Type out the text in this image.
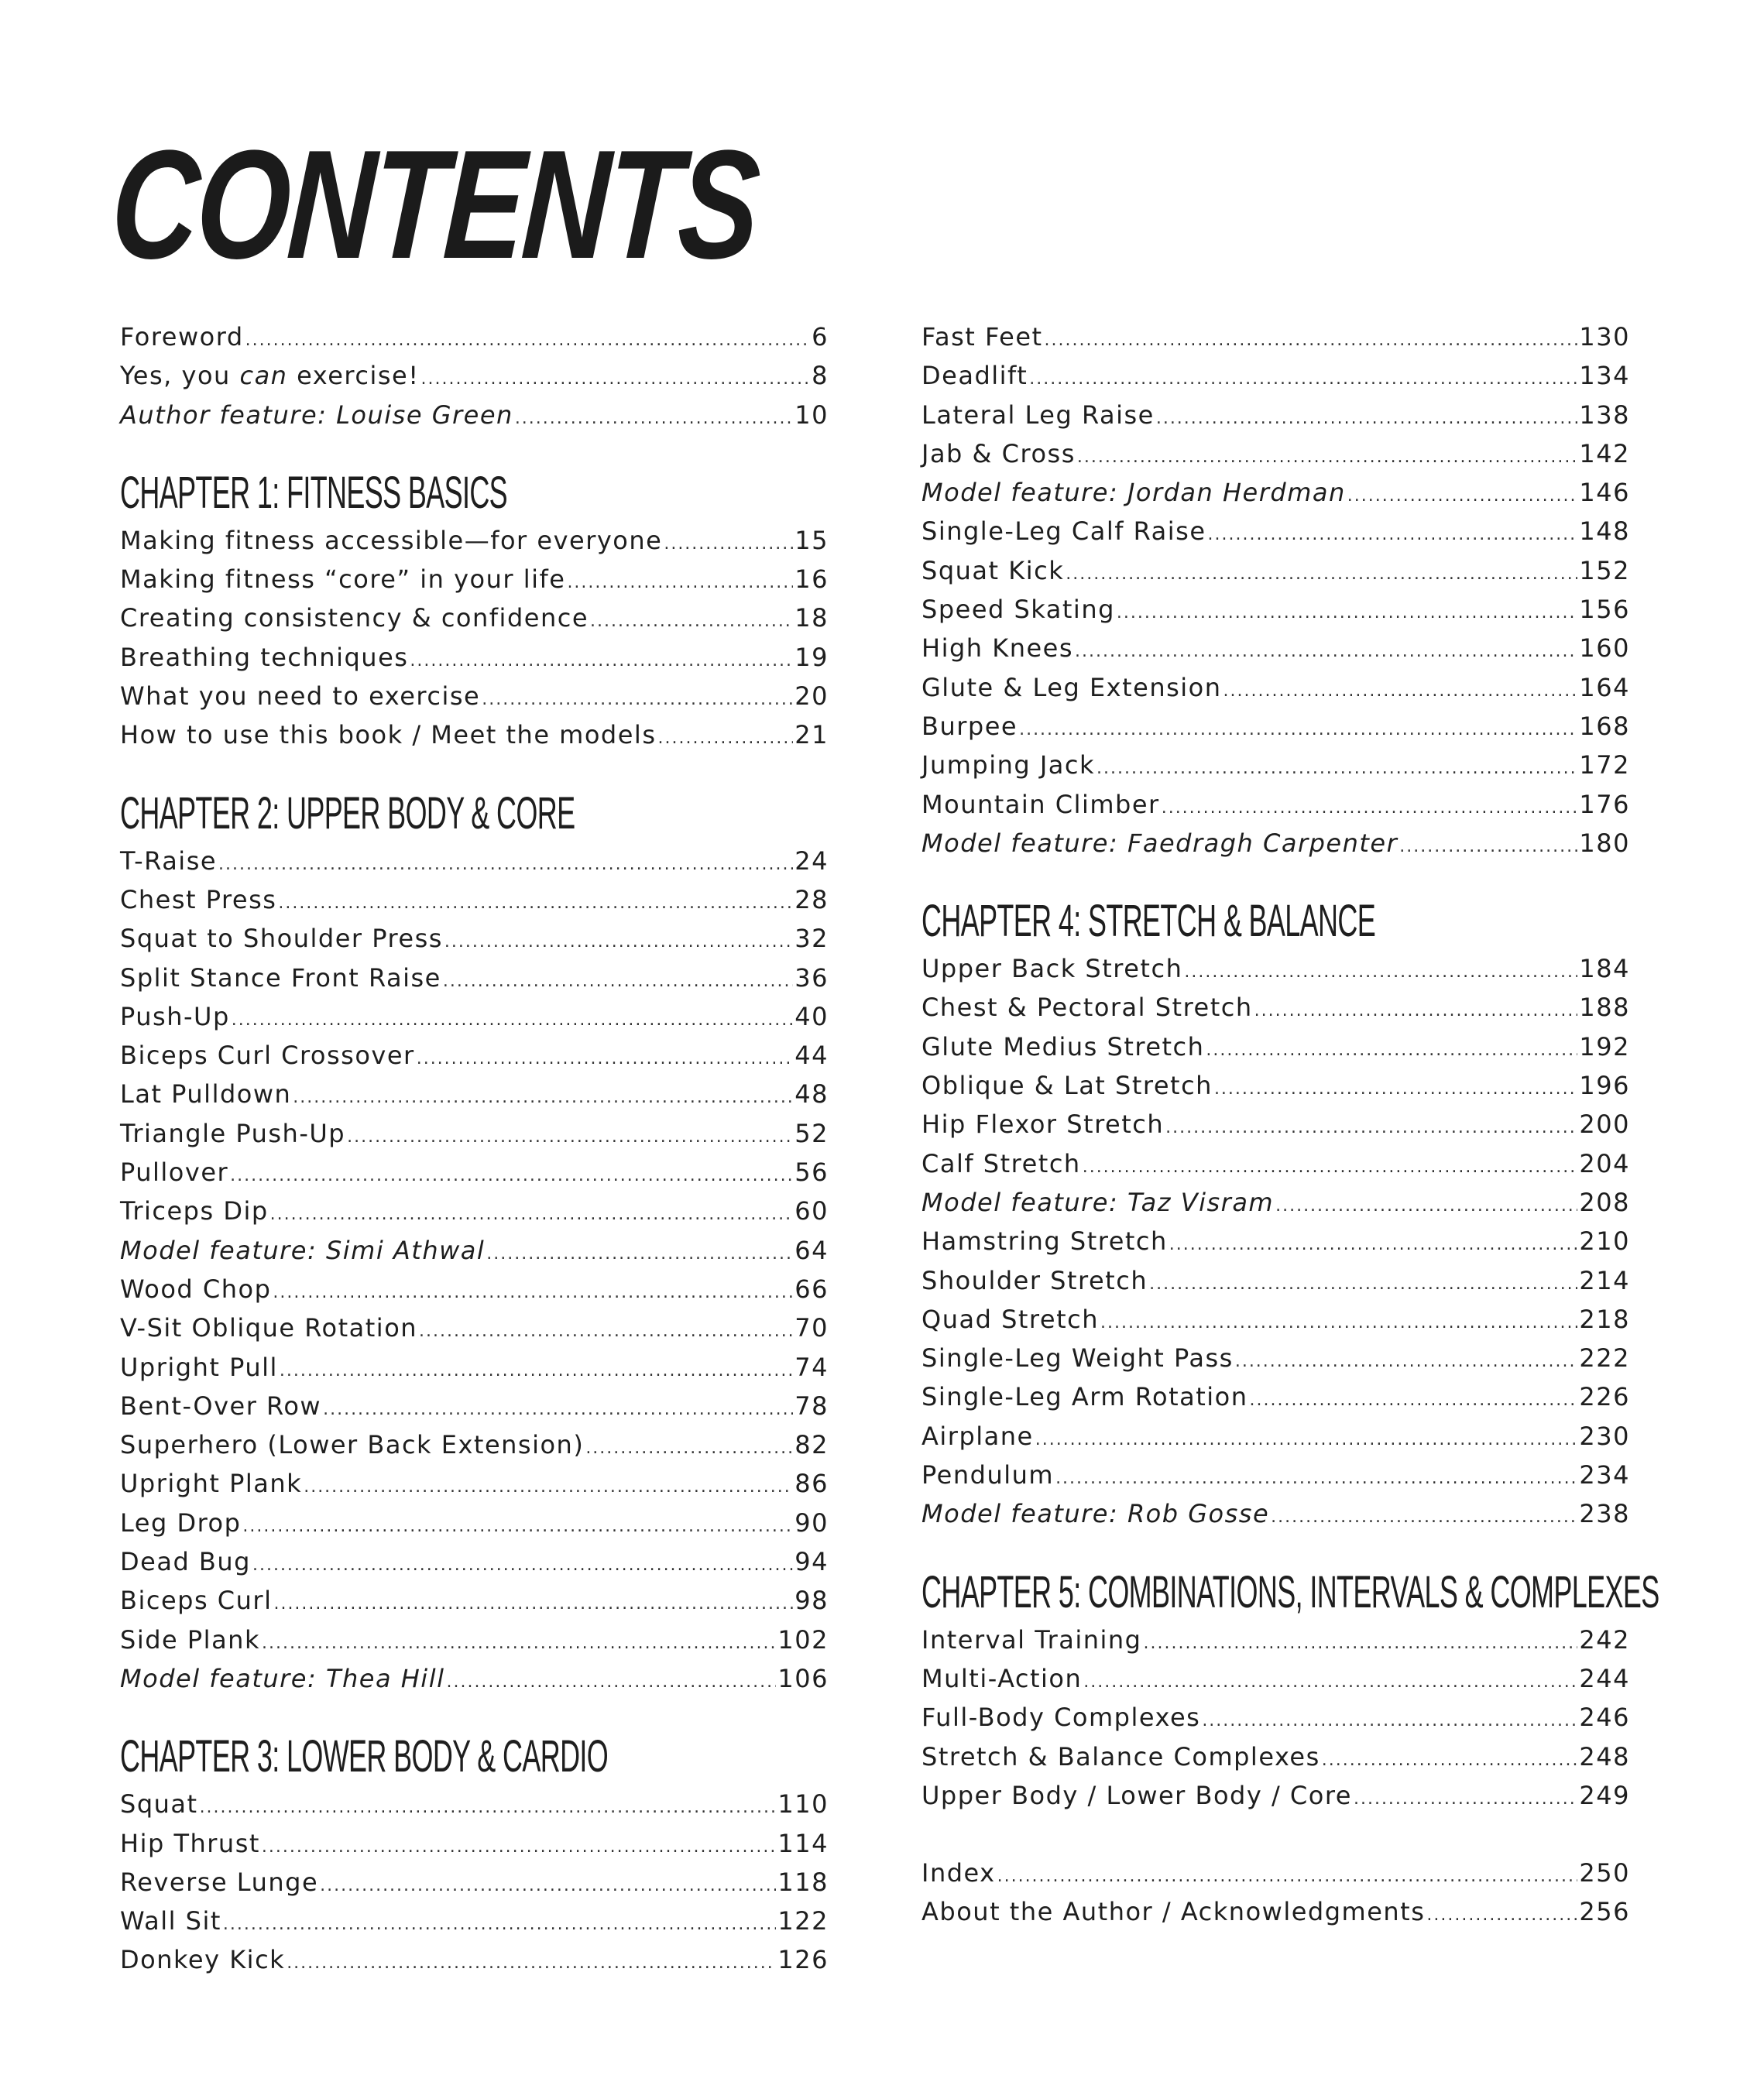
CONTENTS
Foreword .....	6
Yes, you can exercise! .....	8
Author feature: Louise Green .....	10
CHAPTER 1: FITNESS BASICS
Making fitness accessible—for everyone .....	15
Making fitness “core” in your life .....	16
Creating consistency & confidence .....	18
Breathing techniques .....	19
What you need to exercise .....	20
How to use this book / Meet the models .....	21
CHAPTER 2: UPPER BODY & CORE
T-Raise .....	24
Chest Press .....	28
Squat to Shoulder Press .....	32
Split Stance Front Raise .....	36
Push-Up .....	40
Biceps Curl Crossover .....	44
Lat Pulldown .....	48
Triangle Push-Up .....	52
Pullover .....	56
Triceps Dip .....	60
Model feature: Simi Athwal .....	64
Wood Chop .....	66
V-Sit Oblique Rotation .....	70
Upright Pull .....	74
Bent-Over Row .....	78
Superhero (Lower Back Extension) .....	82
Upright Plank .....	86
Leg Drop .....	90
Dead Bug .....	94
Biceps Curl .....	98
Side Plank .....	102
Model feature: Thea Hill .....	106
CHAPTER 3: LOWER BODY & CARDIO
Squat .....	110
Hip Thrust .....	114
Reverse Lunge .....	118
Wall Sit .....	122
Donkey Kick .....	126
Fast Feet .....	130
Deadlift .....	134
Lateral Leg Raise .....	138
Jab & Cross .....	142
Model feature: Jordan Herdman .....	146
Single-Leg Calf Raise .....	148
Squat Kick .....	152
Speed Skating .....	156
High Knees .....	160
Glute & Leg Extension .....	164
Burpee .....	168
Jumping Jack .....	172
Mountain Climber .....	176
Model feature: Faedragh Carpenter .....	180
CHAPTER 4: STRETCH & BALANCE
Upper Back Stretch .....	184
Chest & Pectoral Stretch .....	188
Glute Medius Stretch .....	192
Oblique & Lat Stretch .....	196
Hip Flexor Stretch .....	200
Calf Stretch .....	204
Model feature: Taz Visram .....	208
Hamstring Stretch .....	210
Shoulder Stretch .....	214
Quad Stretch .....	218
Single-Leg Weight Pass .....	222
Single-Leg Arm Rotation .....	226
Airplane .....	230
Pendulum .....	234
Model feature: Rob Gosse .....	238
CHAPTER 5: COMBINATIONS, INTERVALS & COMPLEXES
Interval Training .....	242
Multi-Action .....	244
Full-Body Complexes .....	246
Stretch & Balance Complexes .....	248
Upper Body / Lower Body / Core .....	249
Index .....	250
About the Author / Acknowledgments .....	256
